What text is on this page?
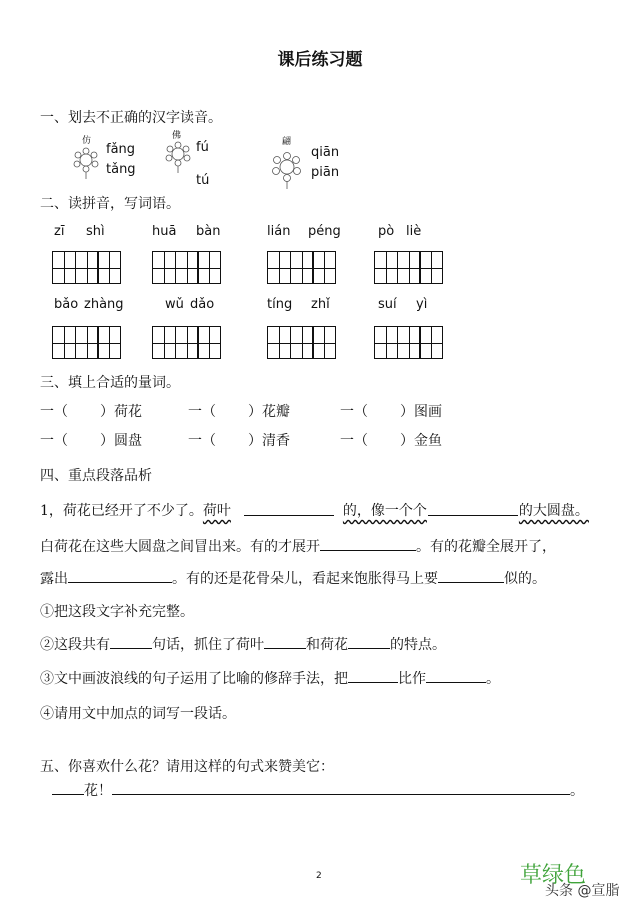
课后练习题
一、划去不正确的汉字读音。
仿
fǎng
tǎng
佛
fú
tú
翩
qiān
piān
二、读拼音，写词语。
zī shì	huā bàn	lián péng	pò liè
bǎo zhàng	wǔ dǎo	tíng zhǐ	suí yì
三、填上合适的量词。
一（ ）荷花	一（ ）花瓣	一（ ）图画
一（ ）圆盘	一（ ）清香	一（ ）金鱼
四、重点段落品析
1，荷花已经开了不少了。荷叶	的，像一个个	的大圆盘。
白荷花在这些大圆盘之间冒出来。有的才展开	。有的花瓣全展开了，
露出	。有的还是花骨朵儿，看起来饱胀得马上要	似的。
①把这段文字补充完整。
②这段共有	句话，抓住了荷叶	和荷花	的特点。
③文中画波浪线的句子运用了比喻的修辞手法，把	比作	。
④请用文中加点的词写一段话。
五、你喜欢什么花？请用这样的句式来赞美它：
花！	。
2	草绿色
头条 @宣脂
